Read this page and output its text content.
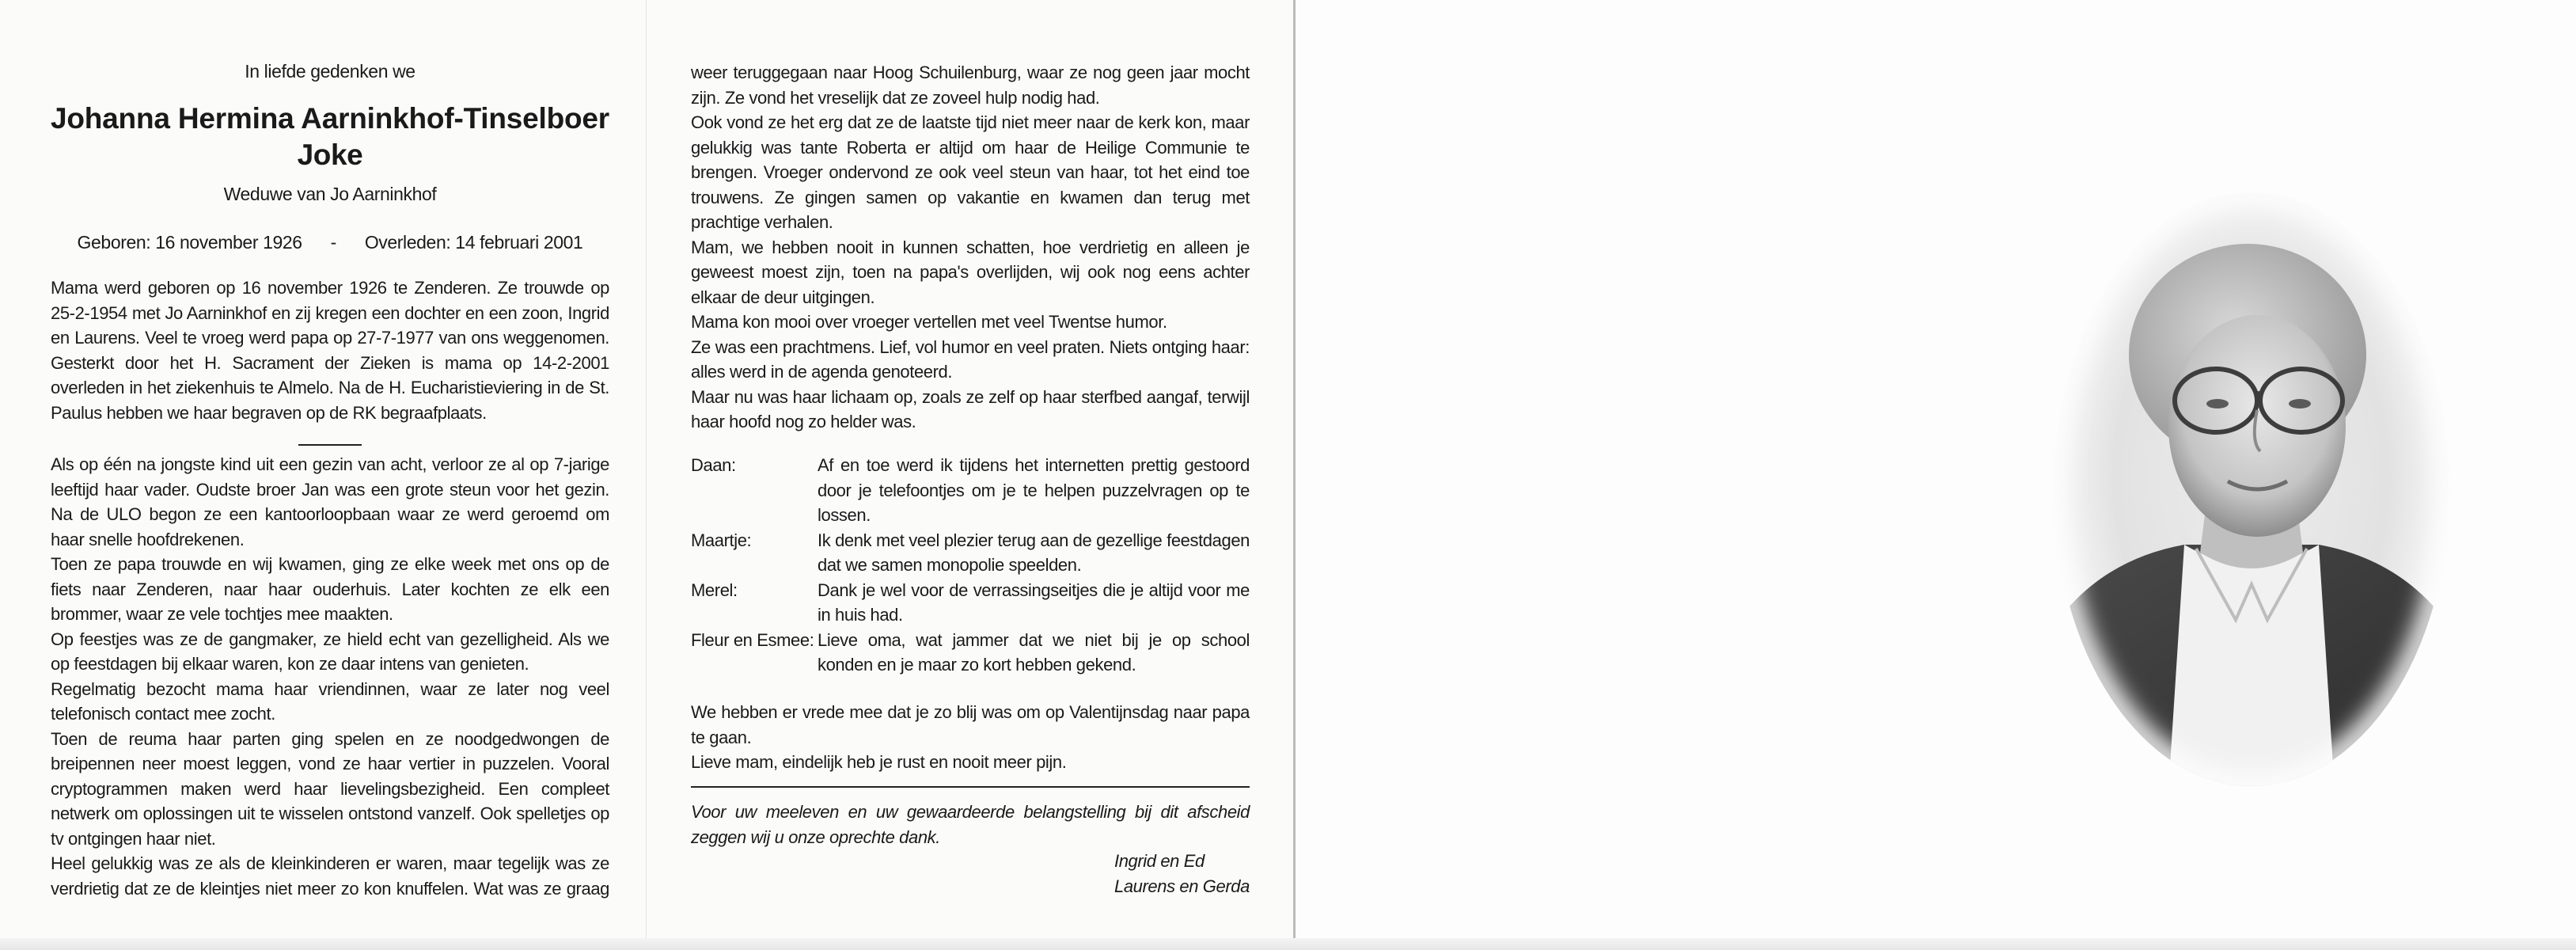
In liefde gedenken we
Johanna Hermina Aarninkhof-Tinselboer
Joke
Weduwe van Jo Aarninkhof
Geboren: 16 november 1926 - Overleden: 14 februari 2001

Mama werd geboren op 16 november 1926 te Zenderen. Ze trouwde op 25-2-1954 met Jo Aarninkhof en zij kregen een dochter en een zoon, Ingrid en Laurens. Veel te vroeg werd papa op 27-7-1977 van ons weggenomen. Gesterkt door het H. Sacrament der Zieken is mama op 14-2-2001 overleden in het ziekenhuis te Almelo. Na de H. Eucharistieviering in de St. Paulus hebben we haar begraven op de RK begraafplaats.

Als op één na jongste kind uit een gezin van acht, verloor ze al op 7-jarige leeftijd haar vader. Oudste broer Jan was een grote steun voor het gezin. Na de ULO begon ze een kantoorloopbaan waar ze werd geroemd om haar snelle hoofdrekenen.

Toen ze papa trouwde en wij kwamen, ging ze elke week met ons op de fiets naar Zenderen, naar haar ouderhuis. Later kochten ze elk een brommer, waar ze vele tochtjes mee maakten.

Op feestjes was ze de gangmaker, ze hield echt van gezelligheid. Als we op feestdagen bij elkaar waren, kon ze daar intens van genieten.

Regelmatig bezocht mama haar vriendinnen, waar ze later nog veel telefonisch contact mee zocht.

Toen de reuma haar parten ging spelen en ze noodgedwongen de breipennen neer moest leggen, vond ze haar vertier in puzzelen. Vooral cryptogrammen maken werd haar lievelingsbezigheid. Een compleet netwerk om oplossingen uit te wisselen ontstond vanzelf. Ook spelletjes op tv ontgingen haar niet.

Heel gelukkig was ze als de kleinkinderen er waren, maar tegelijk was ze verdrietig dat ze de kleintjes niet meer zo kon knuffelen. Wat was ze graag

weer teruggegaan naar Hoog Schuilenburg, waar ze nog geen jaar mocht zijn. Ze vond het vreselijk dat ze zoveel hulp nodig had.

Ook vond ze het erg dat ze de laatste tijd niet meer naar de kerk kon, maar gelukkig was tante Roberta er altijd om haar de Heilige Communie te brengen. Vroeger ondervond ze ook veel steun van haar, tot het eind toe trouwens. Ze gingen samen op vakantie en kwamen dan terug met prachtige verhalen.

Mam, we hebben nooit in kunnen schatten, hoe verdrietig en alleen je geweest moest zijn, toen na papa's overlijden, wij ook nog eens achter elkaar de deur uitgingen.

Mama kon mooi over vroeger vertellen met veel Twentse humor.

Ze was een prachtmens. Lief, vol humor en veel praten. Niets ontging haar: alles werd in de agenda genoteerd.

Maar nu was haar lichaam op, zoals ze zelf op haar sterfbed aangaf, terwijl haar hoofd nog zo helder was.

Daan:	Af en toe werd ik tijdens het internetten prettig gestoord door je telefoontjes om je te helpen puzzelvragen op te lossen.
Maartje:	Ik denk met veel plezier terug aan de gezellige feestdagen dat we samen monopolie speelden.
Merel:	Dank je wel voor de verrassingseitjes die je altijd voor me in huis had.
Fleur en Esmee: Lieve oma, wat jammer dat we niet bij je op school konden en je maar zo kort hebben gekend.

We hebben er vrede mee dat je zo blij was om op Valentijnsdag naar papa te gaan.

Lieve mam, eindelijk heb je rust en nooit meer pijn.

Voor uw meeleven en uw gewaardeerde belangstelling bij dit afscheid zeggen wij u onze oprechte dank.

Ingrid en Ed
Laurens en Gerda
